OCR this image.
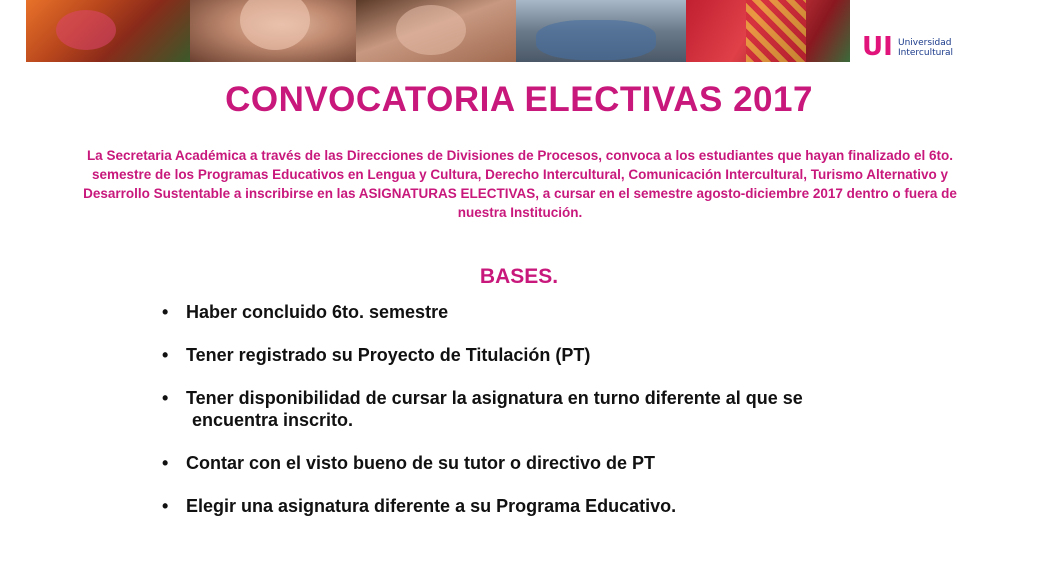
UI Universidad
Intercultural
CONVOCATORIA ELECTIVAS 2017
La Secretaria Académica a través de las Direcciones de Divisiones de Procesos, convoca a los estudiantes que hayan finalizado el 6to.
semestre de los Programas Educativos en Lengua y Cultura, Derecho Intercultural, Comunicación Intercultural, Turismo Alternativo y
Desarrollo Sustentable a inscribirse en las ASIGNATURAS ELECTIVAS, a cursar en el semestre agosto-diciembre 2017 dentro o fuera de
nuestra Institución.
BASES.
• Haber concluido 6to. semestre
• Tener registrado su Proyecto de Titulación (PT)
• Tener disponibilidad de cursar la asignatura en turno diferente al que se
encuentra inscrito.
• Contar con el visto bueno de su tutor o directivo de PT
• Elegir una asignatura diferente a su Programa Educativo.
